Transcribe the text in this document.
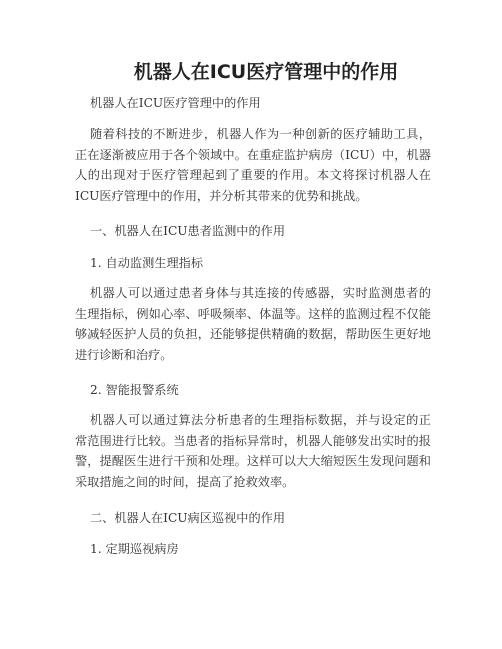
机器人在ICU医疗管理中的作用

机器人在ICU医疗管理中的作用

随着科技的不断进步，机器人作为一种创新的医疗辅助工具，正在逐渐被应用于各个领域中。在重症监护病房（ICU）中，机器人的出现对于医疗管理起到了重要的作用。本文将探讨机器人在ICU医疗管理中的作用，并分析其带来的优势和挑战。

一、机器人在ICU患者监测中的作用

1. 自动监测生理指标

机器人可以通过患者身体与其连接的传感器，实时监测患者的生理指标，例如心率、呼吸频率、体温等。这样的监测过程不仅能够减轻医护人员的负担，还能够提供精确的数据，帮助医生更好地进行诊断和治疗。

2. 智能报警系统

机器人可以通过算法分析患者的生理指标数据，并与设定的正常范围进行比较。当患者的指标异常时，机器人能够发出实时的报警，提醒医生进行干预和处理。这样可以大大缩短医生发现问题和采取措施之间的时间，提高了抢救效率。

二、机器人在ICU病区巡视中的作用

1. 定期巡视病房
